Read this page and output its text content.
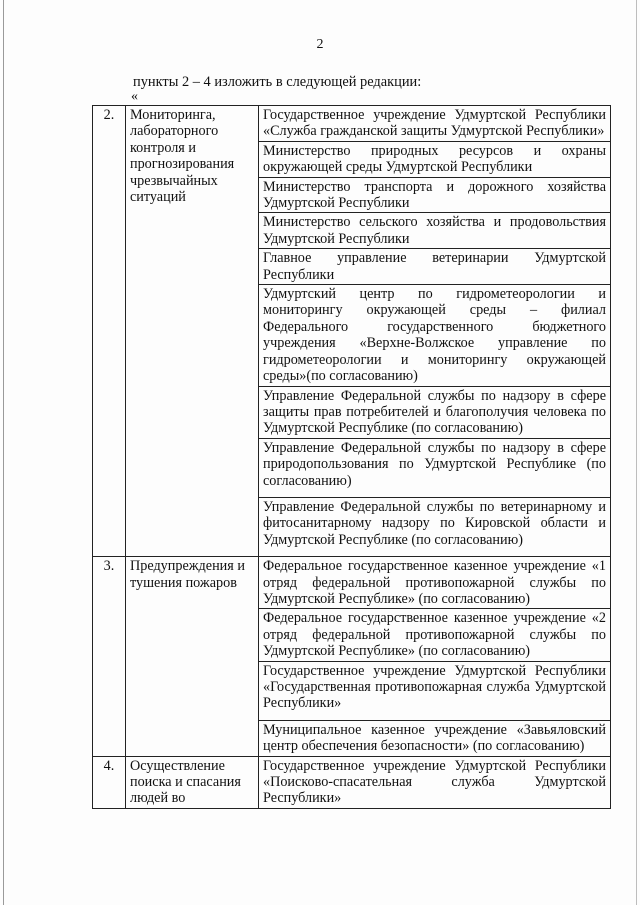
2
пункты 2 – 4 изложить в следующей редакции:
«
2.	Мониторинга, лабораторного контроля и прогнозирования чрезвычайных ситуаций	Государственное учреждение Удмуртской Республики «Служба гражданской защиты Удмуртской Республики»
		Министерство природных ресурсов и охраны окружающей среды Удмуртской Республики
		Министерство транспорта и дорожного хозяйства Удмуртской Республики
		Министерство сельского хозяйства и продовольствия Удмуртской Республики
		Главное управление ветеринарии Удмуртской Республики
		Удмуртский центр по гидрометеорологии и мониторингу окружающей среды – филиал Федерального государственного бюджетного учреждения «Верхне-Волжское управление по гидрометеорологии и мониторингу окружающей среды»(по согласованию)
		Управление Федеральной службы по надзору в сфере защиты прав потребителей и благополучия человека по Удмуртской Республике (по согласованию)
		Управление Федеральной службы по надзору в сфере природопользования по Удмуртской Республике (по согласованию)
		Управление Федеральной службы по ветеринарному и фитосанитарному надзору по Кировской области и Удмуртской Республике (по согласованию)
3.	Предупреждения и тушения пожаров	Федеральное государственное казенное учреждение «1 отряд федеральной противопожарной службы по Удмуртской Республике» (по согласованию)
		Федеральное государственное казенное учреждение «2 отряд федеральной противопожарной службы по Удмуртской Республике» (по согласованию)
		Государственное учреждение Удмуртской Республики «Государственная противопожарная служба Удмуртской Республики»
		Муниципальное казенное учреждение «Завьяловский центр обеспечения безопасности» (по согласованию)
4.	Осуществление поиска и спасания людей во	Государственное учреждение Удмуртской Республики «Поисково-спасательная служба Удмуртской Республики»
